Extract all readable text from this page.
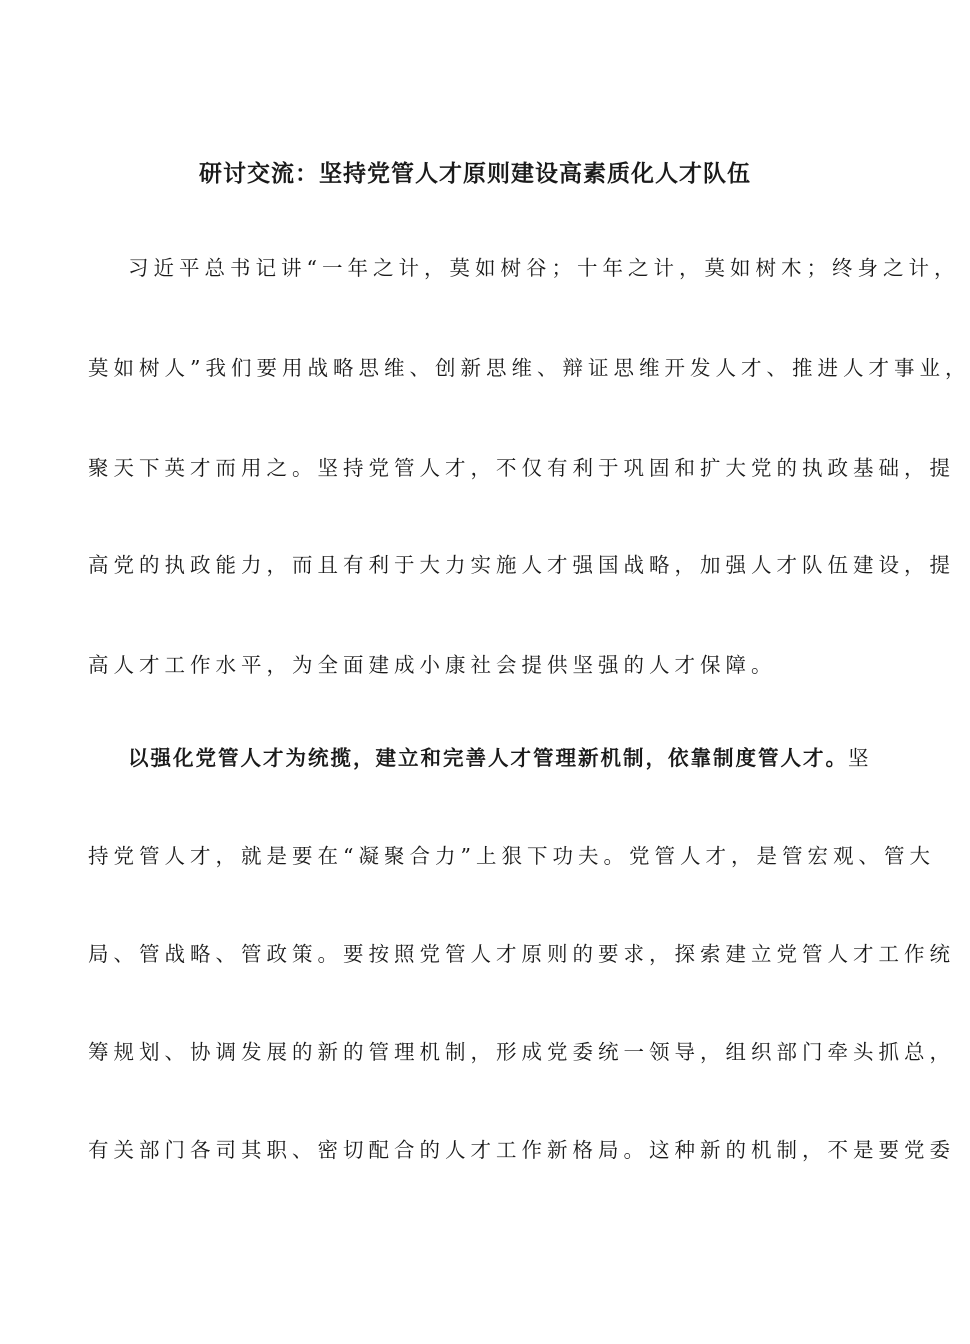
研讨交流：坚持党管人才原则建设高素质化人才队伍
习近平总书记讲“一年之计，莫如树谷；十年之计，莫如树木；终身之计，
莫如树人”我们要用战略思维、创新思维、辩证思维开发人才、推进人才事业，
聚天下英才而用之。坚持党管人才，不仅有利于巩固和扩大党的执政基础，提
高党的执政能力，而且有利于大力实施人才强国战略，加强人才队伍建设，提
高人才工作水平，为全面建成小康社会提供坚强的人才保障。
以强化党管人才为统揽，建立和完善人才管理新机制，依靠制度管人才。坚
持党管人才，就是要在“凝聚合力”上狠下功夫。党管人才，是管宏观、管大
局、管战略、管政策。要按照党管人才原则的要求，探索建立党管人才工作统
筹规划、协调发展的新的管理机制，形成党委统一领导，组织部门牵头抓总，
有关部门各司其职、密切配合的人才工作新格局。这种新的机制，不是要党委
